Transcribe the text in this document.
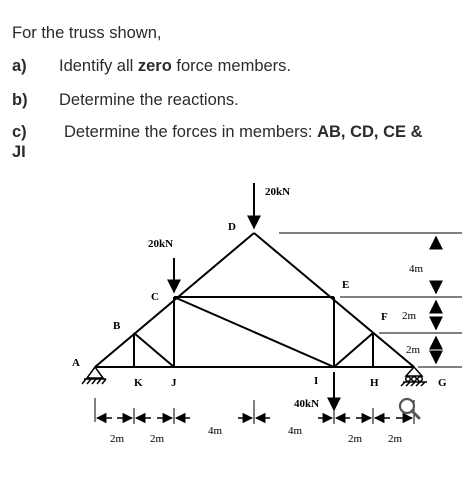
For the truss shown,
a) Identify all zero force members.
b) Determine the reactions.
c) Determine the forces in members: AB, CD, CE &
JI
20kN
20kN
40kN
A
B
C
D
E
F
G
H
I
J
K
4m
2m
2m
2m 2m
4m	4m
2m 2m
